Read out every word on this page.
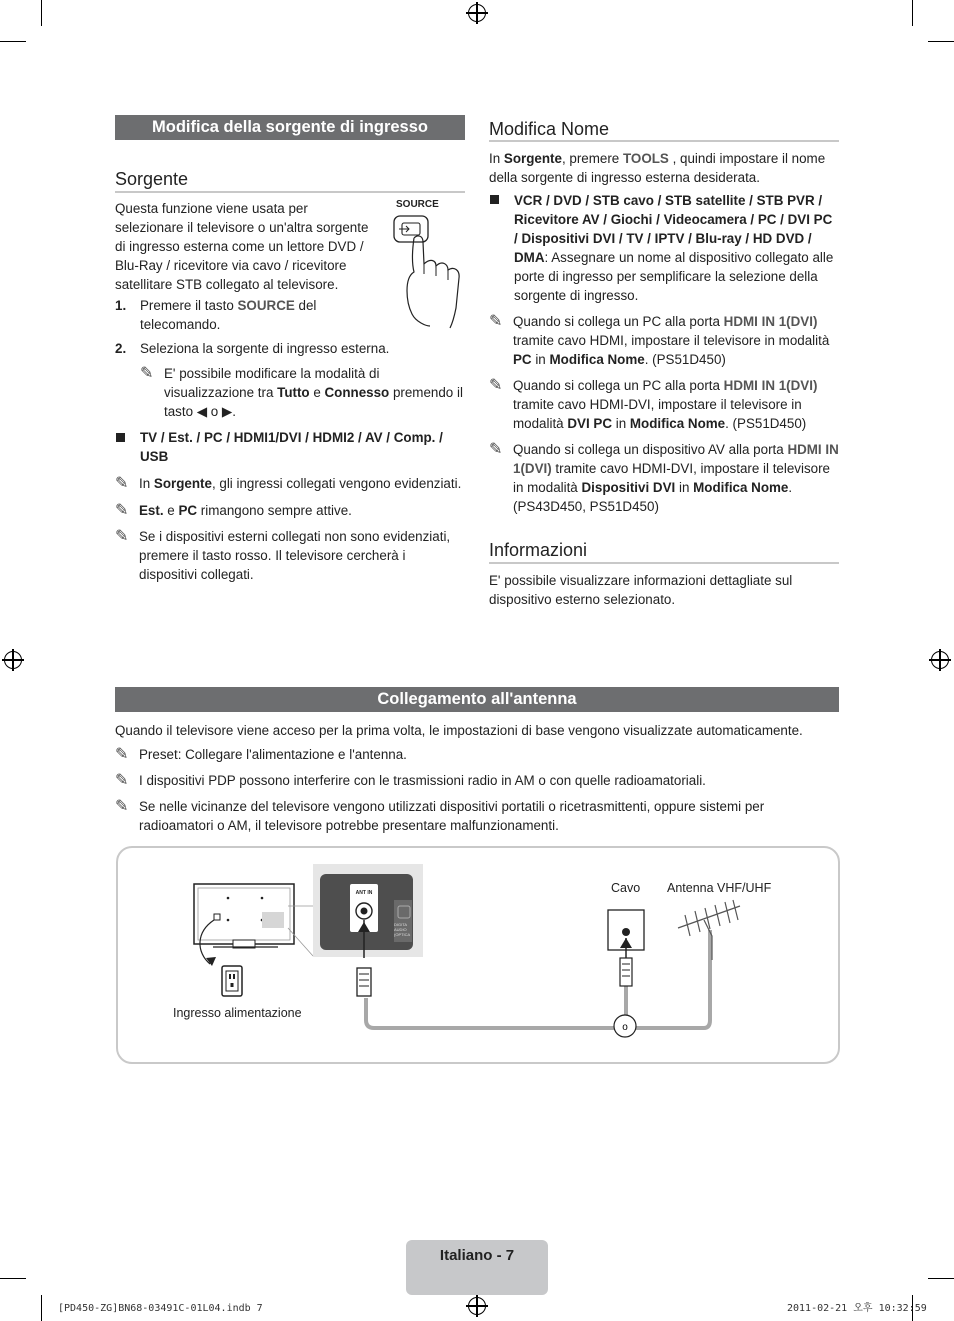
Modifica della sorgente di ingresso
Sorgente
Questa funzione viene usata per selezionare il televisore o un'altra sorgente di ingresso esterna come un lettore DVD / Blu-Ray / ricevitore via cavo / ricevitore satellitare STB collegato al televisore.
SOURCE
1. Premere il tasto SOURCE del telecomando.
2. Seleziona la sorgente di ingresso esterna.
✎ E' possibile modificare la modalità di visualizzazione tra Tutto e Connesso premendo il tasto ◀ o ▶.
TV / Est. / PC / HDMI1/DVI / HDMI2 / AV / Comp. / USB
✎ In Sorgente, gli ingressi collegati vengono evidenziati.
✎ Est. e PC rimangono sempre attive.
✎ Se i dispositivi esterni collegati non sono evidenziati, premere il tasto rosso. Il televisore cercherà i dispositivi collegati.
Modifica Nome
In Sorgente, premere TOOLS , quindi impostare il nome della sorgente di ingresso esterna desiderata.
VCR / DVD / STB cavo / STB satellite / STB PVR / Ricevitore AV / Giochi / Videocamera / PC / DVI PC / Dispositivi DVI / TV / IPTV / Blu-ray / HD DVD / DMA: Assegnare un nome al dispositivo collegato alle porte di ingresso per semplificare la selezione della sorgente di ingresso.
✎ Quando si collega un PC alla porta HDMI IN 1(DVI) tramite cavo HDMI, impostare il televisore in modalità PC in Modifica Nome. (PS51D450)
✎ Quando si collega un PC alla porta HDMI IN 1(DVI) tramite cavo HDMI-DVI, impostare il televisore in modalità DVI PC in Modifica Nome. (PS51D450)
✎ Quando si collega un dispositivo AV alla porta HDMI IN 1(DVI) tramite cavo HDMI-DVI, impostare il televisore in modalità Dispositivi DVI in Modifica Nome. (PS43D450, PS51D450)
Informazioni
E' possibile visualizzare informazioni dettagliate sul dispositivo esterno selezionato.
Collegamento all'antenna
Quando il televisore viene acceso per la prima volta, le impostazioni di base vengono visualizzate automaticamente.
✎ Preset: Collegare l'alimentazione e l'antenna.
✎ I dispositivi PDP possono interferire con le trasmissioni radio in AM o con quelle radioamatoriali.
✎ Se nelle vicinanze del televisore vengono utilizzati dispositivi portatili o ricetrasmittenti, oppure sistemi per radioamatori o AM, il televisore potrebbe presentare malfunzionamenti.
o
Ingresso alimentazione
Cavo Antenna VHF/UHF
ANT IN
DIGITA AUDIO (OPTICA
Italiano - 7
[PD450-ZG]BN68-03491C-01L04.indb 7	2011-02-21 오후 10:32:59
